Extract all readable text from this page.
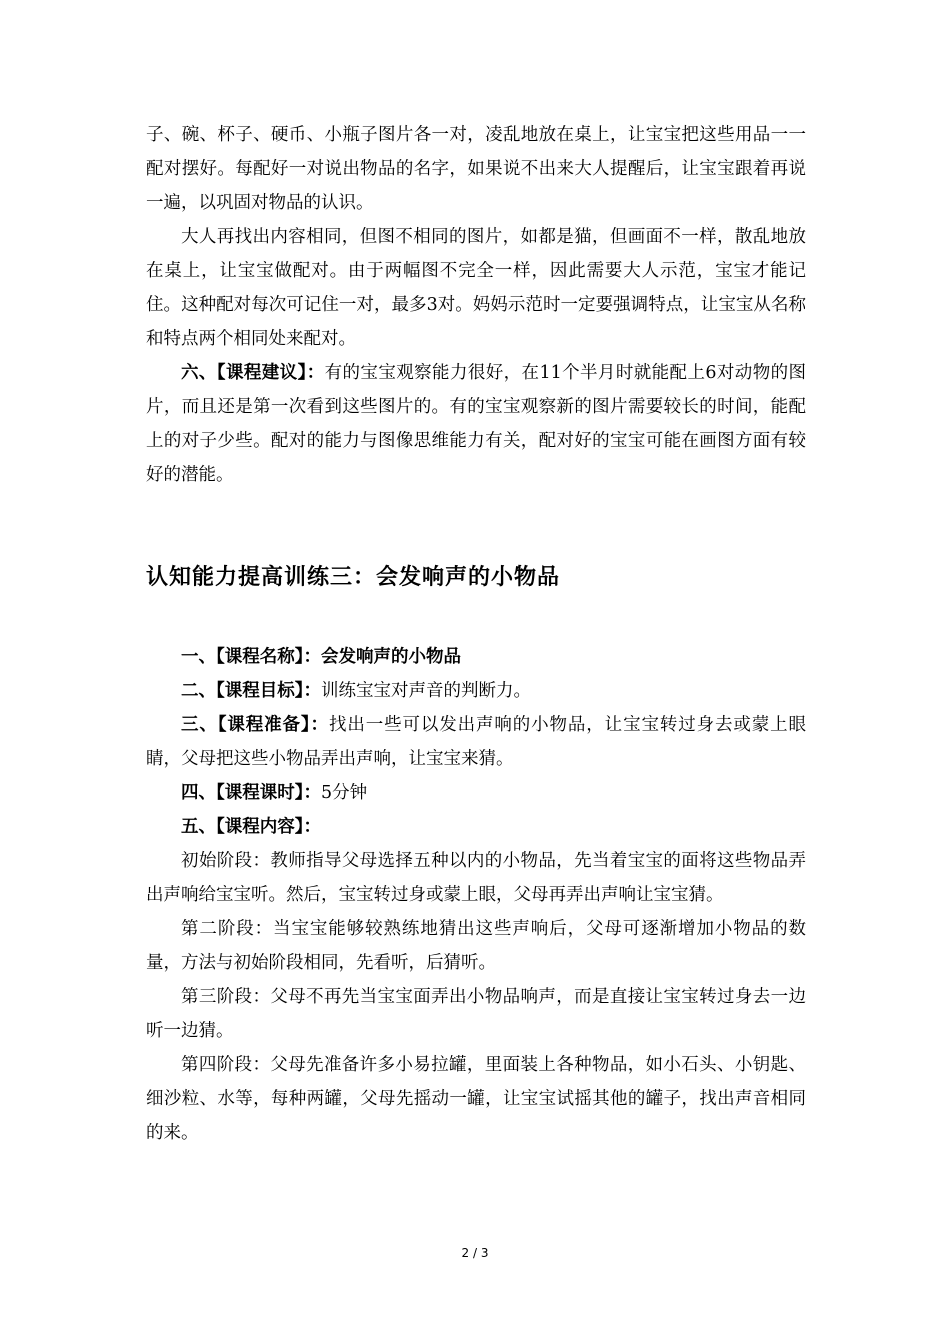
子、碗、杯子、硬币、小瓶子图片各一对，凌乱地放在桌上，让宝宝把这些用品一一配对摆好。每配好一对说出物品的名字，如果说不出来大人提醒后，让宝宝跟着再说一遍，以巩固对物品的认识。

大人再找出内容相同，但图不相同的图片，如都是猫，但画面不一样，散乱地放在桌上，让宝宝做配对。由于两幅图不完全一样，因此需要大人示范，宝宝才能记住。这种配对每次可记住一对，最多3对。妈妈示范时一定要强调特点，让宝宝从名称和特点两个相同处来配对。

六、【课程建议】：有的宝宝观察能力很好，在11个半月时就能配上6对动物的图片，而且还是第一次看到这些图片的。有的宝宝观察新的图片需要较长的时间，能配上的对子少些。配对的能力与图像思维能力有关，配对好的宝宝可能在画图方面有较好的潜能。

认知能力提高训练三：会发响声的小物品

一、【课程名称】：会发响声的小物品

二、【课程目标】：训练宝宝对声音的判断力。

三、【课程准备】：找出一些可以发出声响的小物品，让宝宝转过身去或蒙上眼睛，父母把这些小物品弄出声响，让宝宝来猜。

四、【课程课时】：5分钟

五、【课程内容】：

初始阶段：教师指导父母选择五种以内的小物品，先当着宝宝的面将这些物品弄出声响给宝宝听。然后，宝宝转过身或蒙上眼，父母再弄出声响让宝宝猜。

第二阶段：当宝宝能够较熟练地猜出这些声响后，父母可逐渐增加小物品的数量，方法与初始阶段相同，先看听，后猜听。

第三阶段：父母不再先当宝宝面弄出小物品响声，而是直接让宝宝转过身去一边听一边猜。

第四阶段：父母先准备许多小易拉罐，里面装上各种物品，如小石头、小钥匙、细沙粒、水等，每种两罐，父母先摇动一罐，让宝宝试摇其他的罐子，找出声音相同的来。

2 / 3
